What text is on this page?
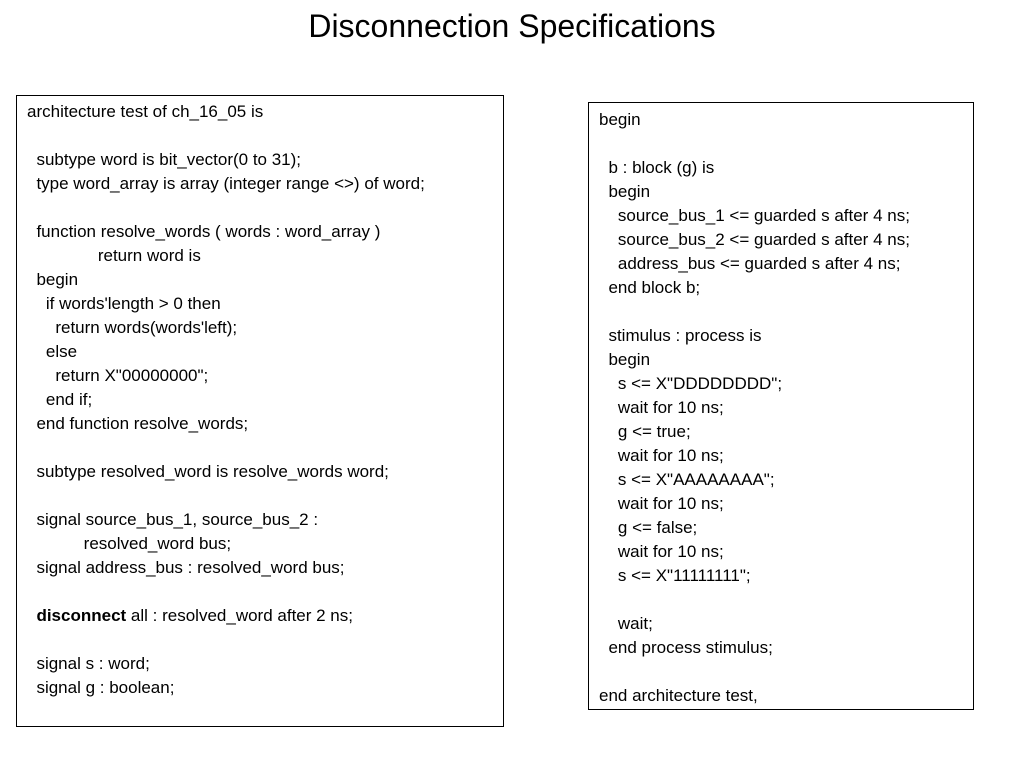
Disconnection Specifications
architecture test of ch_16_05 is
subtype word is bit_vector(0 to 31);
type word_array is array (integer range <>) of word;
function resolve_words ( words : word_array )
return word is
begin
if words'length > 0 then
return words(words'left);
else
return X"00000000";
end if;
end function resolve_words;
subtype resolved_word is resolve_words word;
signal source_bus_1, source_bus_2 :
resolved_word bus;
signal address_bus : resolved_word bus;
disconnect all : resolved_word after 2 ns;
signal s : word;
signal g : boolean;
begin
b : block (g) is
begin
source_bus_1 <= guarded s after 4 ns;
source_bus_2 <= guarded s after 4 ns;
address_bus <= guarded s after 4 ns;
end block b;
stimulus : process is
begin
s <= X"DDDDDDDD";
wait for 10 ns;
g <= true;
wait for 10 ns;
s <= X"AAAAAAAA";
wait for 10 ns;
g <= false;
wait for 10 ns;
s <= X"11111111";
wait;
end process stimulus;
end architecture test,
